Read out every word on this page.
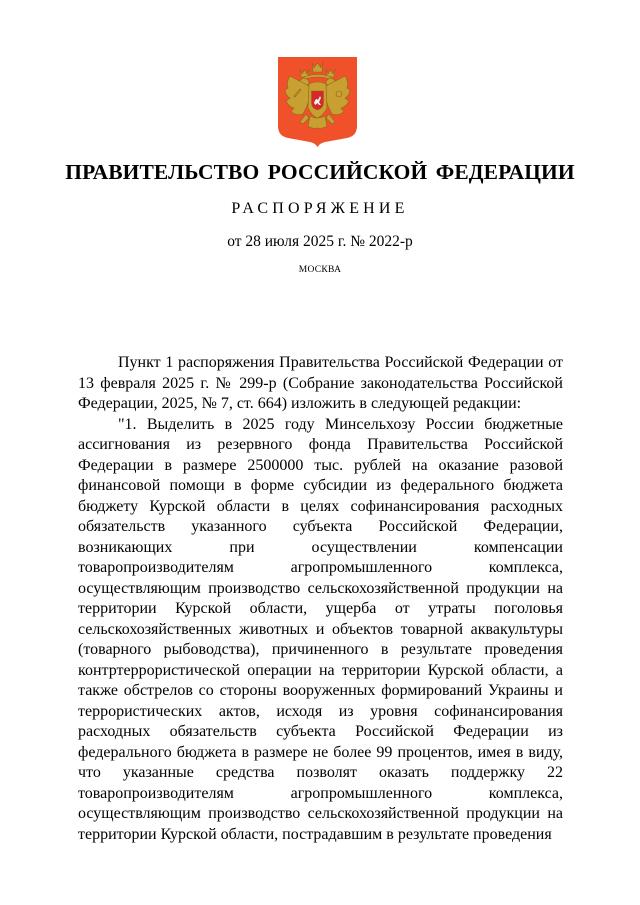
ПРАВИТЕЛЬСТВО РОССИЙСКОЙ ФЕДЕРАЦИИ
РАСПОРЯЖЕНИЕ
от 28 июля 2025 г. № 2022-р
МОСКВА

Пункт 1 распоряжения Правительства Российской Федерации от 13 февраля 2025 г. № 299-р (Собрание законодательства Российской Федерации, 2025, № 7, ст. 664) изложить в следующей редакции:

"1. Выделить в 2025 году Минсельхозу России бюджетные ассигнования из резервного фонда Правительства Российской Федерации в размере 2500000 тыс. рублей на оказание разовой финансовой помощи в форме субсидии из федерального бюджета бюджету Курской области в целях софинансирования расходных обязательств указанного субъекта Российской Федерации, возникающих при осуществлении компенсации товаропроизводителям агропромышленного комплекса, осуществляющим производство сельскохозяйственной продукции на территории Курской области, ущерба от утраты поголовья сельскохозяйственных животных и объектов товарной аквакультуры (товарного рыбоводства), причиненного в результате проведения контртеррористической операции на территории Курской области, а также обстрелов со стороны вооруженных формирований Украины и террористических актов, исходя из уровня софинансирования расходных обязательств субъекта Российской Федерации из федерального бюджета в размере не более 99 процентов, имея в виду, что указанные средства позволят оказать поддержку 22 товаропроизводителям агропромышленного комплекса, осуществляющим производство сельскохозяйственной продукции на территории Курской области, пострадавшим в результате проведения
